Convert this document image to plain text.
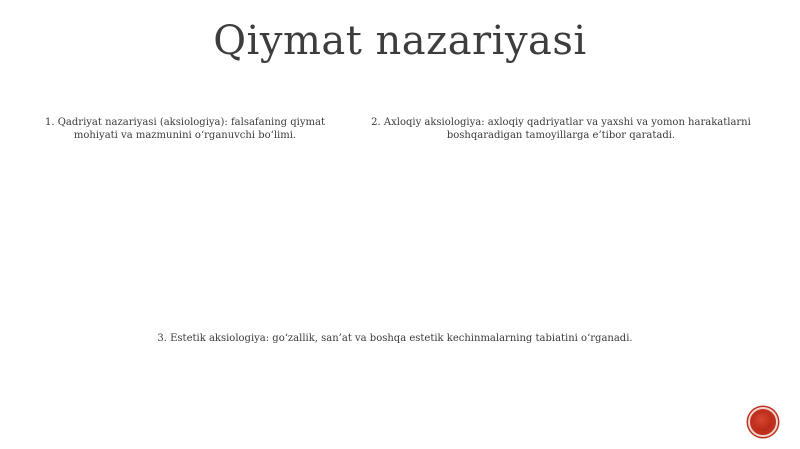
Qiymat nazariyasi

1. Qadriyat nazariyasi (aksiologiya): falsafaning qiymat mohiyati va mazmunini o‘rganuvchi bo‘limi.

2. Axloqiy aksiologiya: axloqiy qadriyatlar va yaxshi va yomon harakatlarni boshqaradigan tamoyillarga e’tibor qaratadi.

3. Estetik aksiologiya: go‘zallik, san’at va boshqa estetik kechinmalarning tabiatini o‘rganadi.
